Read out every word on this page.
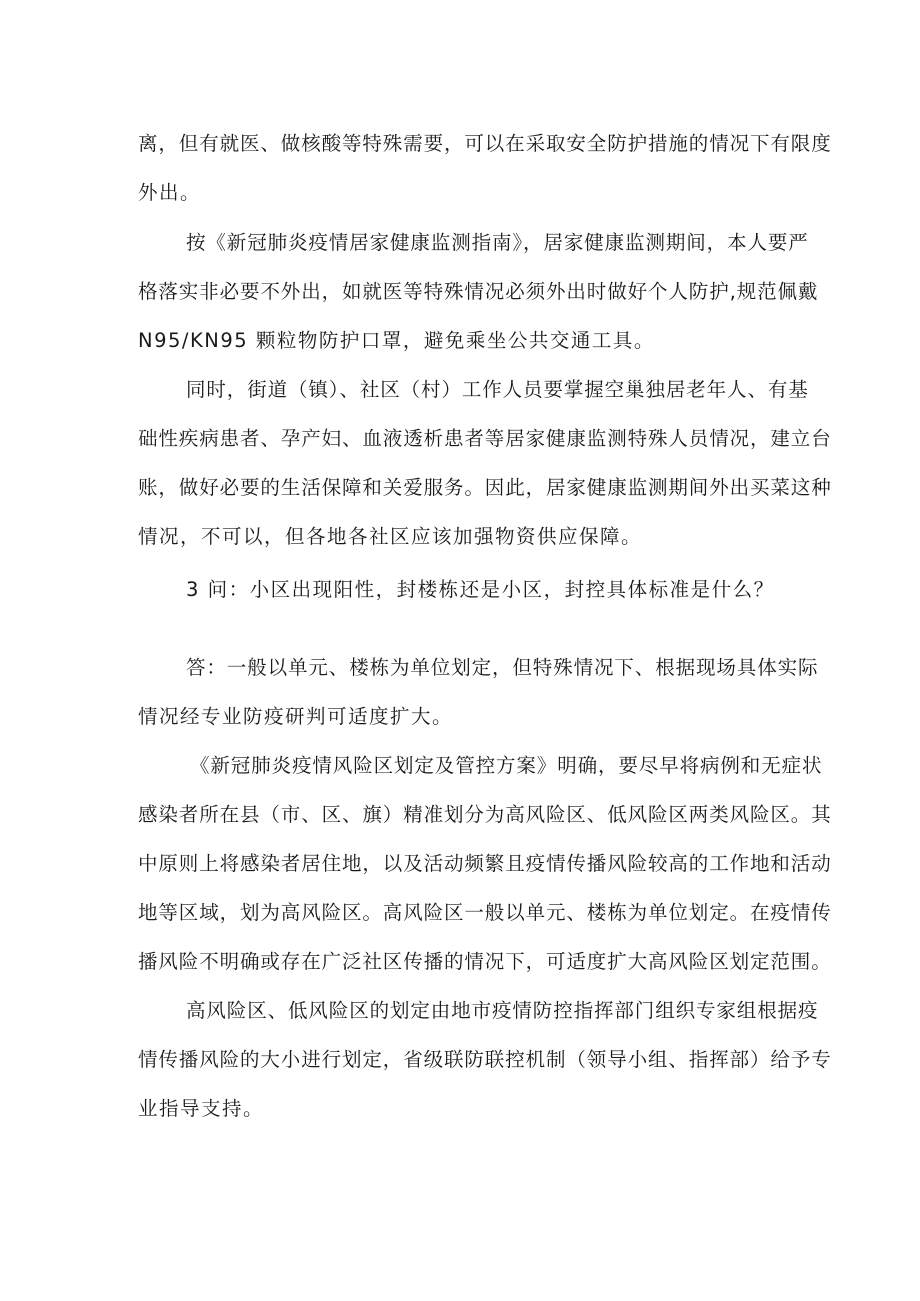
离，但有就医、做核酸等特殊需要，可以在采取安全防护措施的情况下有限度
外出。
按《新冠肺炎疫情居家健康监测指南》，居家健康监测期间，本人要严
格落实非必要不外出，如就医等特殊情况必须外出时做好个人防护,规范佩戴
N95/KN95 颗粒物防护口罩，避免乘坐公共交通工具。
同时，街道（镇）、社区（村）工作人员要掌握空巢独居老年人、有基
础性疾病患者、孕产妇、血液透析患者等居家健康监测特殊人员情况，建立台
账，做好必要的生活保障和关爱服务。因此，居家健康监测期间外出买菜这种
情况，不可以，但各地各社区应该加强物资供应保障。
3 问：小区出现阳性，封楼栋还是小区，封控具体标准是什么？
答：一般以单元、楼栋为单位划定，但特殊情况下、根据现场具体实际
情况经专业防疫研判可适度扩大。
《新冠肺炎疫情风险区划定及管控方案》明确，要尽早将病例和无症状
感染者所在县（市、区、旗）精准划分为高风险区、低风险区两类风险区。其
中原则上将感染者居住地，以及活动频繁且疫情传播风险较高的工作地和活动
地等区域，划为高风险区。高风险区一般以单元、楼栋为单位划定。在疫情传
播风险不明确或存在广泛社区传播的情况下，可适度扩大高风险区划定范围。
高风险区、低风险区的划定由地市疫情防控指挥部门组织专家组根据疫
情传播风险的大小进行划定，省级联防联控机制（领导小组、指挥部）给予专
业指导支持。
